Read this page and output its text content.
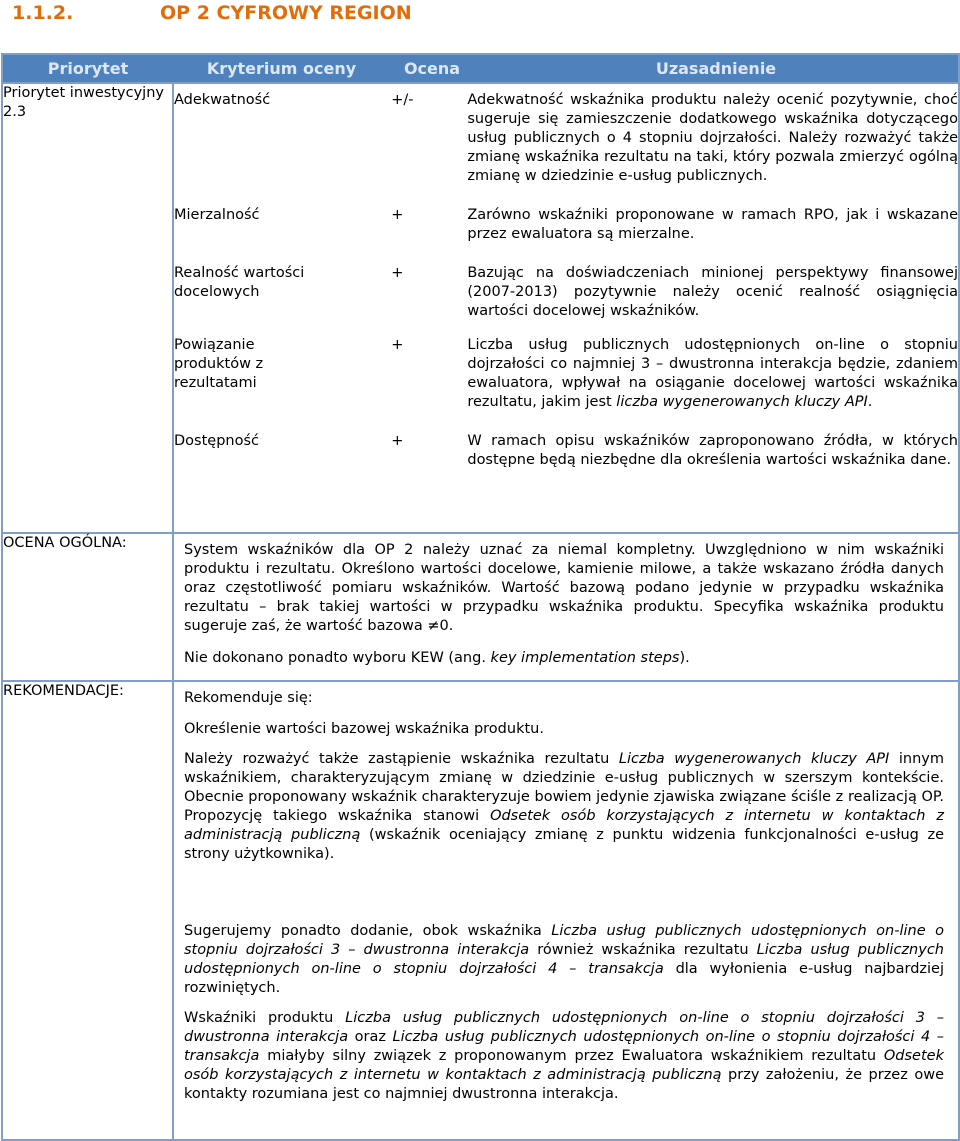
1.1.2.	OP 2 CYFROWY REGION
Priorytet	Kryterium oceny	Ocena	Uzasadnienie
Priorytet inwestycyjny 2.3	
Adekwatność	+/-	Adekwatność wskaźnika produktu należy ocenić pozytywnie, choć sugeruje się zamieszczenie dodatkowego wskaźnika dotyczącego usług publicznych o 4 stopniu dojrzałości. Należy rozważyć także zmianę wskaźnika rezultatu na taki, który pozwala zmierzyć ogólną zmianę w dziedzinie e-usług publicznych.
Mierzalność	+	Zarówno wskaźniki proponowane w ramach RPO, jak i wskazane przez ewaluatora są mierzalne.
Realność wartości docelowych	+	Bazując na doświadczeniach minionej perspektywy finansowej (2007-2013) pozytywnie należy ocenić realność osiągnięcia wartości docelowej wskaźników.
Powiązanie produktów z rezultatami	+	Liczba usług publicznych udostępnionych on-line o stopniu dojrzałości co najmniej 3 – dwustronna interakcja będzie, zdaniem ewaluatora, wpływał na osiąganie docelowej wartości wskaźnika rezultatu, jakim jest liczba wygenerowanych kluczy API.
Dostępność	+	W ramach opisu wskaźników zaproponowano źródła, w których dostępne będą niezbędne dla określenia wartości wskaźnika dane.

OCENA OGÓLNA:	System wskaźników dla OP 2 należy uznać za niemal kompletny. Uwzględniono w nim wskaźniki produktu i rezultatu. Określono wartości docelowe, kamienie milowe, a także wskazano źródła danych oraz częstotliwość pomiaru wskaźników. Wartość bazową podano jedynie w przypadku wskaźnika rezultatu – brak takiej wartości w przypadku wskaźnika produktu. Specyfika wskaźnika produktu sugeruje zaś, że wartość bazowa ≠0.
Nie dokonano ponadto wyboru KEW (ang. key implementation steps).

REKOMENDACJE:	Rekomenduje się:
Określenie wartości bazowej wskaźnika produktu.
Należy rozważyć także zastąpienie wskaźnika rezultatu Liczba wygenerowanych kluczy API innym wskaźnikiem, charakteryzującym zmianę w dziedzinie e-usług publicznych w szerszym kontekście. Obecnie proponowany wskaźnik charakteryzuje bowiem jedynie zjawiska związane ściśle z realizacją OP. Propozycję takiego wskaźnika stanowi Odsetek osób korzystających z internetu w kontaktach z administracją publiczną (wskaźnik oceniający zmianę z punktu widzenia funkcjonalności e-usług ze strony użytkownika).
Sugerujemy ponadto dodanie, obok wskaźnika Liczba usług publicznych udostępnionych on-line o stopniu dojrzałości 3 – dwustronna interakcja również wskaźnika rezultatu Liczba usług publicznych udostępnionych on-line o stopniu dojrzałości 4 – transakcja dla wyłonienia e-usług najbardziej rozwiniętych.
Wskaźniki produktu Liczba usług publicznych udostępnionych on-line o stopniu dojrzałości 3 – dwustronna interakcja oraz Liczba usług publicznych udostępnionych on-line o stopniu dojrzałości 4 – transakcja miałyby silny związek z proponowanym przez Ewaluatora wskaźnikiem rezultatu Odsetek osób korzystających z internetu w kontaktach z administracją publiczną przy założeniu, że przez owe kontakty rozumiana jest co najmniej dwustronna interakcja.
